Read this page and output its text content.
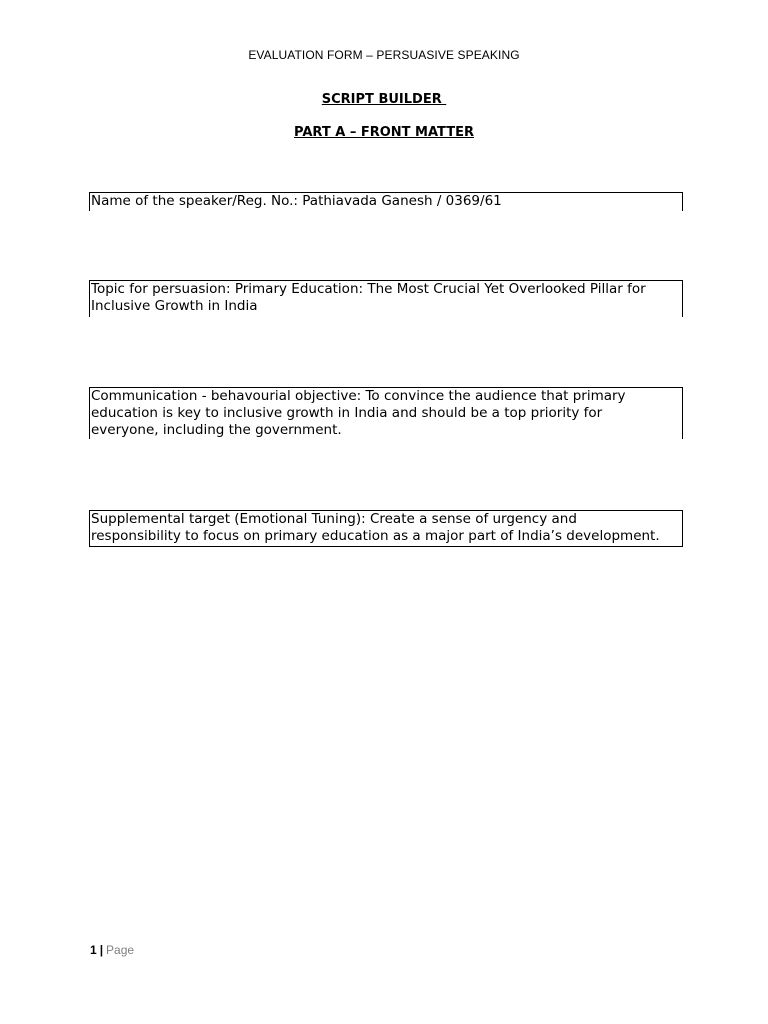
EVALUATION FORM – PERSUASIVE SPEAKING
SCRIPT BUILDER
PART A – FRONT MATTER
Name of the speaker/Reg. No.: Pathiavada Ganesh / 0369/61
Topic for persuasion: Primary Education: The Most Crucial Yet Overlooked Pillar for
Inclusive Growth in India
Communication - behavourial objective: To convince the audience that primary
education is key to inclusive growth in India and should be a top priority for
everyone, including the government.
Supplemental target (Emotional Tuning): Create a sense of urgency and
responsibility to focus on primary education as a major part of India’s development.
1 | Page
